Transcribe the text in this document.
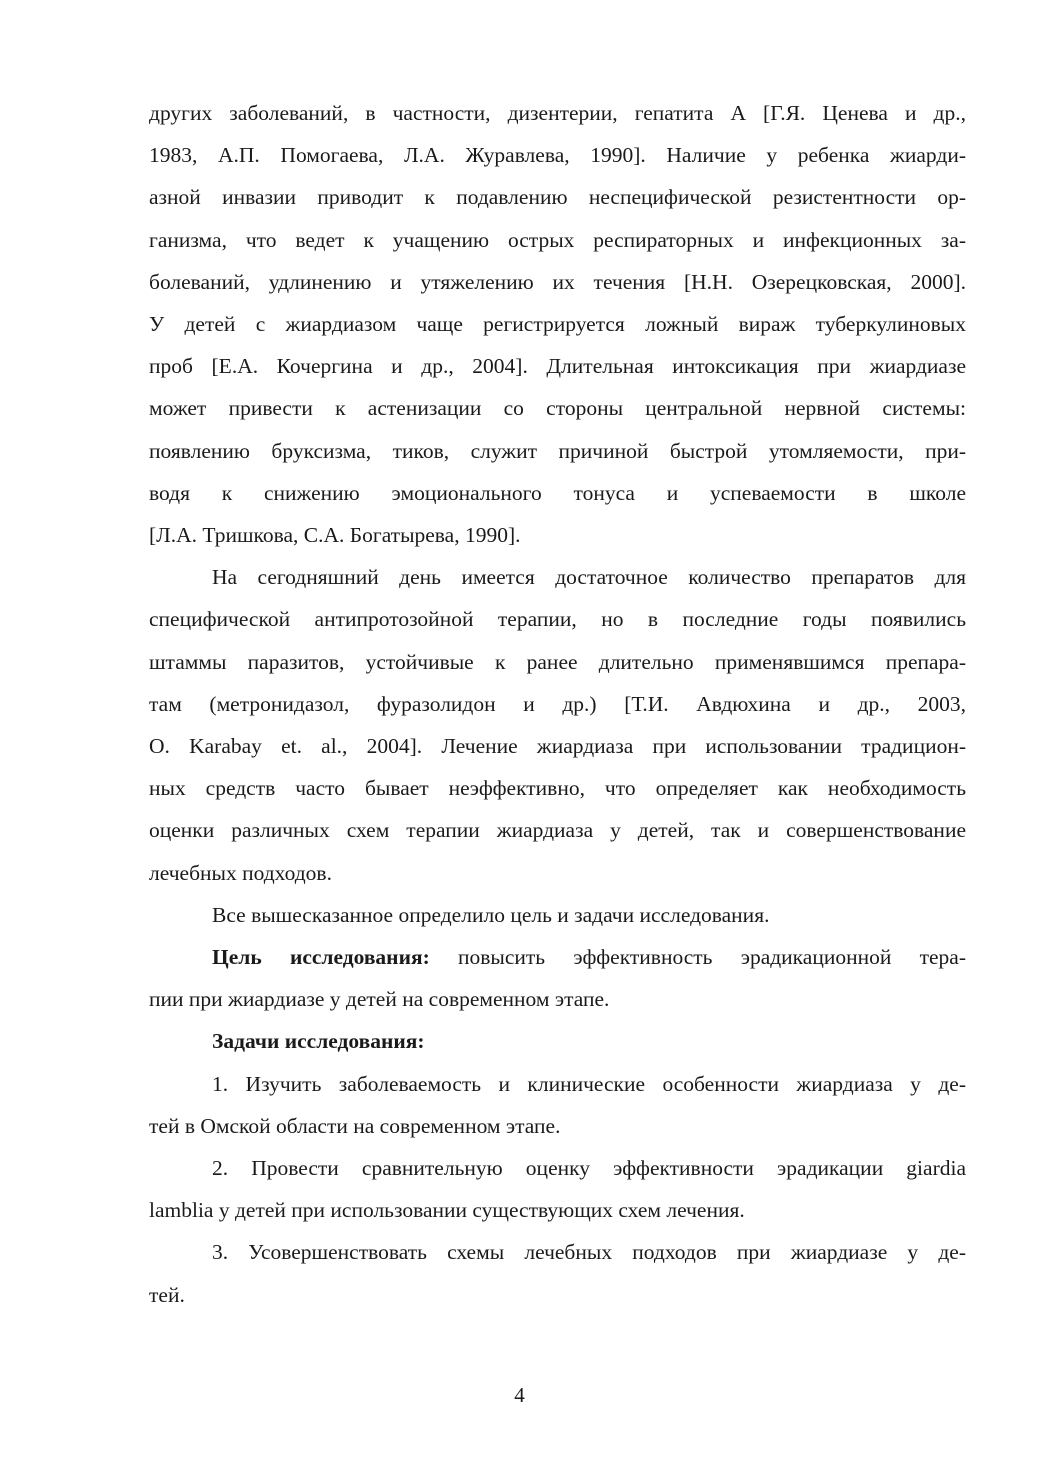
других заболеваний, в частности, дизентерии, гепатита А [Г.Я. Ценева и др.,

1983, А.П. Помогаева, Л.А. Журавлева, 1990]. Наличие у ребенка жиарди-

азной инвазии приводит к подавлению неспецифической резистентности ор-

ганизма, что ведет к учащению острых респираторных и инфекционных за-

болеваний, удлинению и утяжелению их течения [Н.Н. Озерецковская, 2000].

У детей с жиардиазом чаще регистрируется ложный вираж туберкулиновых

проб [Е.А. Кочергина и др., 2004]. Длительная интоксикация при жиардиазе

может привести к астенизации со стороны центральной нервной системы:

появлению бруксизма, тиков, служит причиной быстрой утомляемости, при-

водя к снижению эмоционального тонуса и успеваемости в школе

[Л.А. Тришкова, С.А. Богатырева, 1990].

На сегодняшний день имеется достаточное количество препаратов для

специфической антипротозойной терапии, но в последние годы появились

штаммы паразитов, устойчивые к ранее длительно применявшимся препара-

там (метронидазол, фуразолидон и др.) [Т.И. Авдюхина и др., 2003,

O. Karabay et. al., 2004]. Лечение жиардиаза при использовании традицион-

ных средств часто бывает неэффективно, что определяет как необходимость

оценки различных схем терапии жиардиаза у детей, так и совершенствование

лечебных подходов.

Все вышесказанное определило цель и задачи исследования.

Цель исследования: повысить эффективность эрадикационной тера-

пии при жиардиазе у детей на современном этапе.

Задачи исследования:

1. Изучить заболеваемость и клинические особенности жиардиаза у де-

тей в Омской области на современном этапе.

2. Провести сравнительную оценку эффективности эрадикации giardia

lamblia у детей при использовании существующих схем лечения.

3. Усовершенствовать схемы лечебных подходов при жиардиазе у де-

тей.

4
